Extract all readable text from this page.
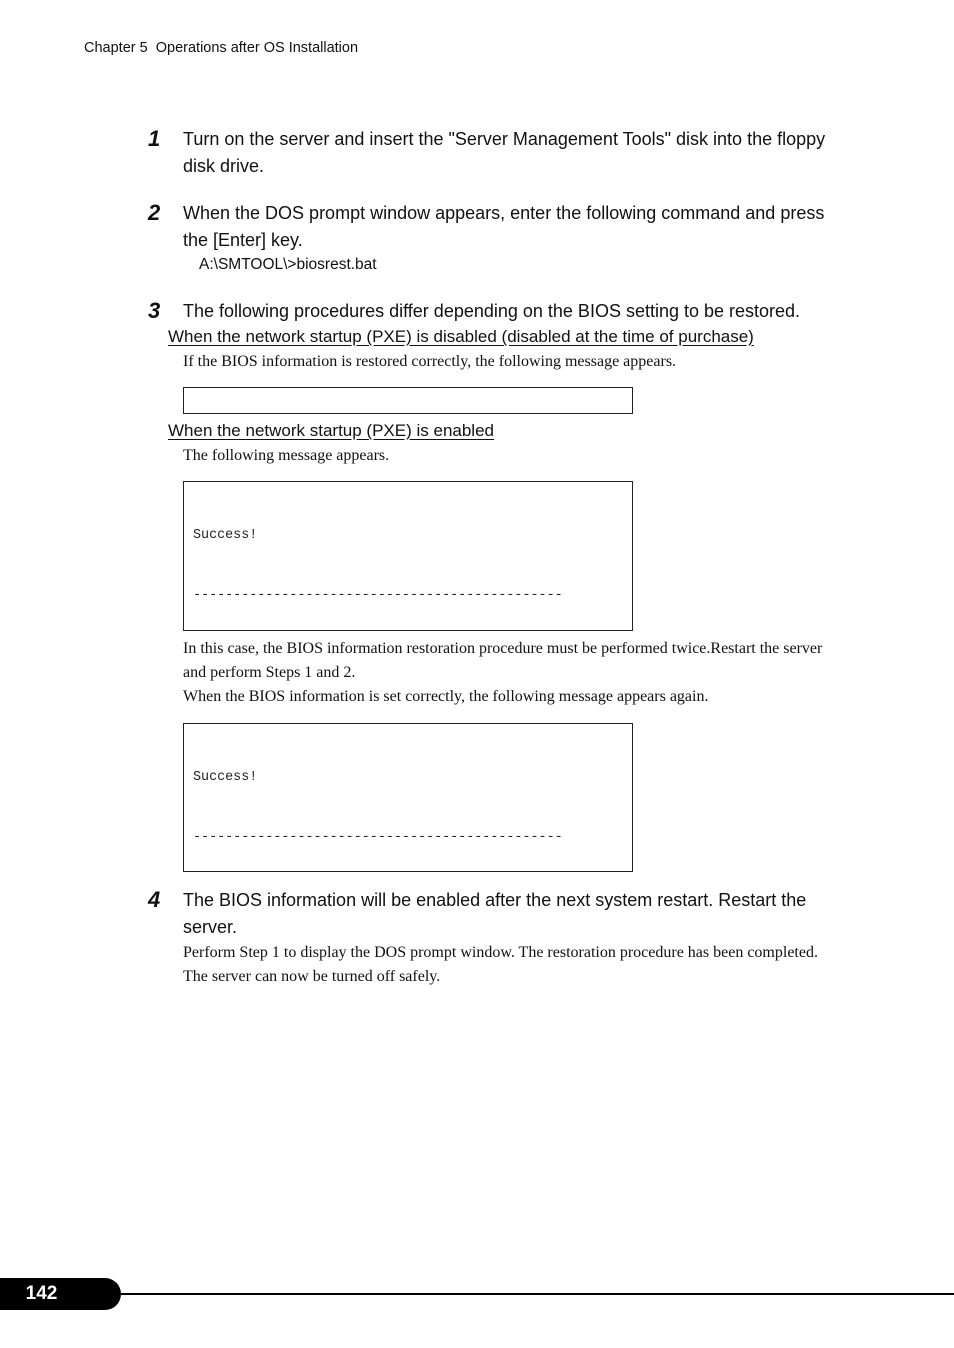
Chapter 5  Operations after OS Installation
1 Turn on the server and insert the "Server Management Tools" disk into the floppy disk drive.
2 When the DOS prompt window appears, enter the following command and press the [Enter] key.
A:\SMTOOL\>biosrest.bat
3 The following procedures differ depending on the BIOS setting to be restored.
When the network startup (PXE) is disabled (disabled at the time of purchase)
If the BIOS information is restored correctly, the following message appears.

When the network startup (PXE) is enabled
The following message appears.

Success!

----------------------------------------------

In this case, the BIOS information restoration procedure must be performed twice.Restart the server and perform Steps 1 and 2.
When the BIOS information is set correctly, the following message appears again.

Success!

----------------------------------------------

4 The BIOS information will be enabled after the next system restart. Restart the server.
Perform Step 1 to display the DOS prompt window. The restoration procedure has been completed. The server can now be turned off safely.
142
